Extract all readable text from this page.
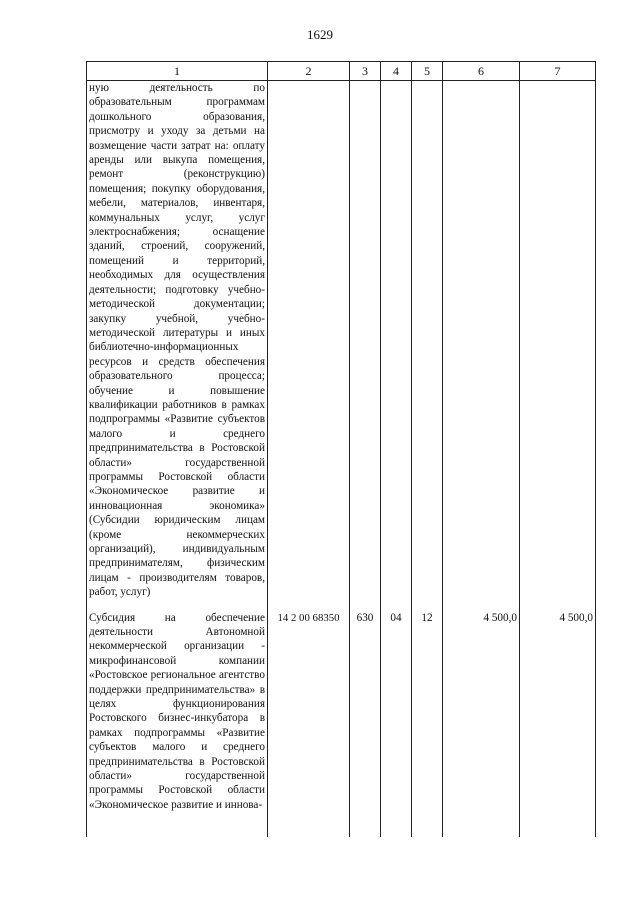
1629
1	2	3	4	5	6	7
ную деятельность по образовательным программам дошкольного образования, присмотру и уходу за детьми на возмещение части затрат на: оплату аренды или выкупа помещения, ремонт (реконструкцию) помещения; покупку оборудования, мебели, материалов, инвентаря, коммунальных услуг, услуг электроснабжения; оснащение зданий, строений, сооружений, помещений и территорий, необходимых для осуществления деятельности; подготовку учебно-методической документации; закупку учебной, учебно-методической литературы и иных библиотечно-информационных ресурсов и средств обеспечения образовательного процесса; обучение и повышение квалификации работников в рамках подпрограммы «Развитие субъектов малого и среднего предпринимательства в Ростовской области» государственной программы Ростовской области «Экономическое развитие и инновационная экономика» (Субсидии юридическим лицам (кроме некоммерческих организаций), индивидуальным предпринимателям, физическим лицам - производителям товаров, работ, услуг)						
Субсидия на обеспечение деятельности Автономной некоммерческой организации - микрофинансовой компании «Ростовское региональное агентство поддержки предпринимательства» в целях функционирования Ростовского бизнес-инкубатора в рамках подпрограммы «Развитие субъектов малого и среднего предпринимательства в Ростовской области» государственной программы Ростовской области «Экономическое развитие и иннова-	14 2 00 68350	630	04	12	4 500,0	4 500,0
